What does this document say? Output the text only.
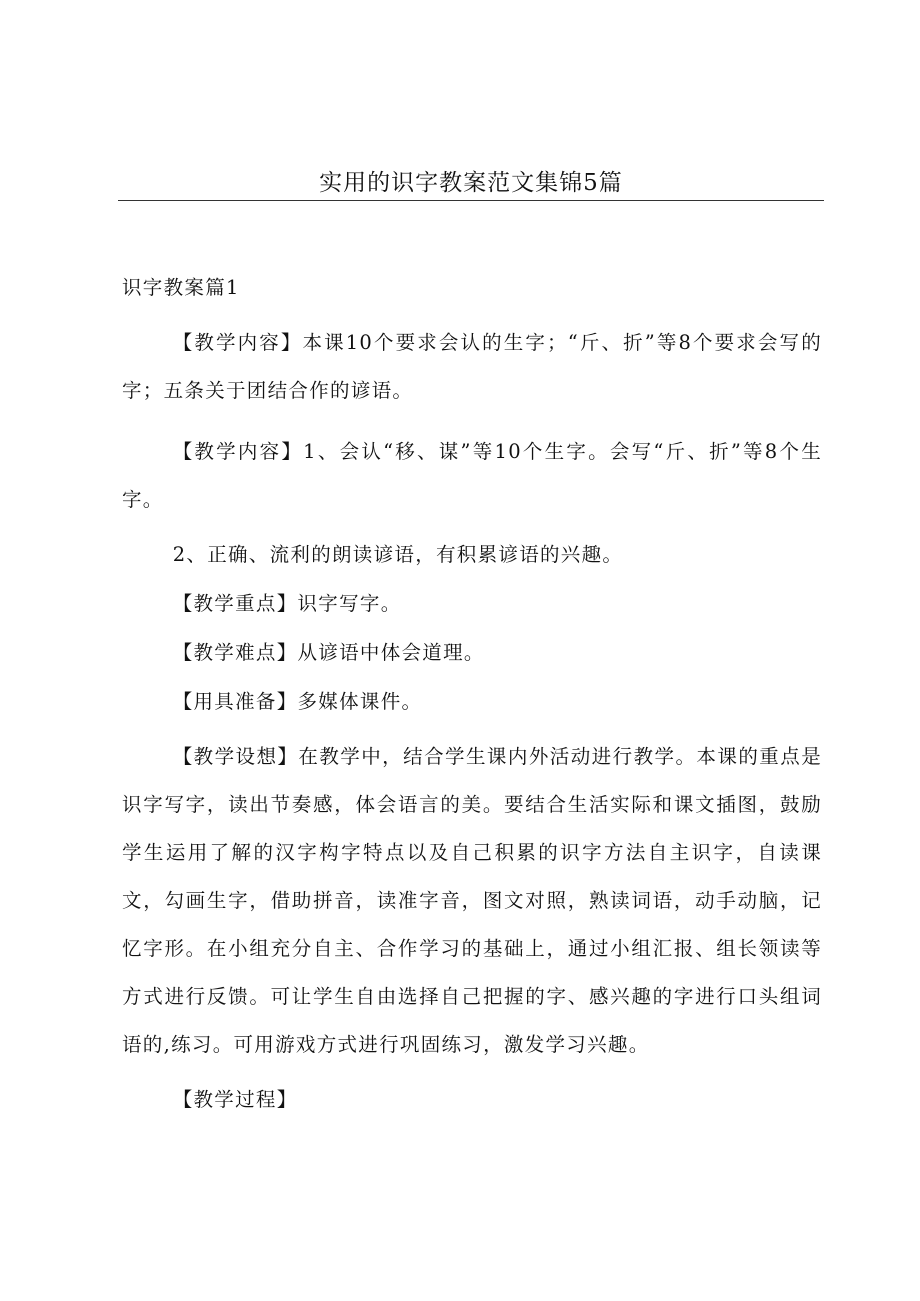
实用的识字教案范文集锦5篇
识字教案篇1

【教学内容】本课10个要求会认的生字；“斤、折”等8个要求会写的字；五条关于团结合作的谚语。

【教学内容】1、会认“移、谋”等10个生字。会写“斤、折”等8个生字。

2、正确、流利的朗读谚语，有积累谚语的兴趣。

【教学重点】识字写字。

【教学难点】从谚语中体会道理。

【用具准备】多媒体课件。

【教学设想】在教学中，结合学生课内外活动进行教学。本课的重点是识字写字，读出节奏感，体会语言的美。要结合生活实际和课文插图，鼓励学生运用了解的汉字构字特点以及自己积累的识字方法自主识字，自读课文，勾画生字，借助拼音，读准字音，图文对照，熟读词语，动手动脑，记忆字形。在小组充分自主、合作学习的基础上，通过小组汇报、组长领读等方式进行反馈。可让学生自由选择自己把握的字、感兴趣的字进行口头组词语的,练习。可用游戏方式进行巩固练习，激发学习兴趣。

【教学过程】
